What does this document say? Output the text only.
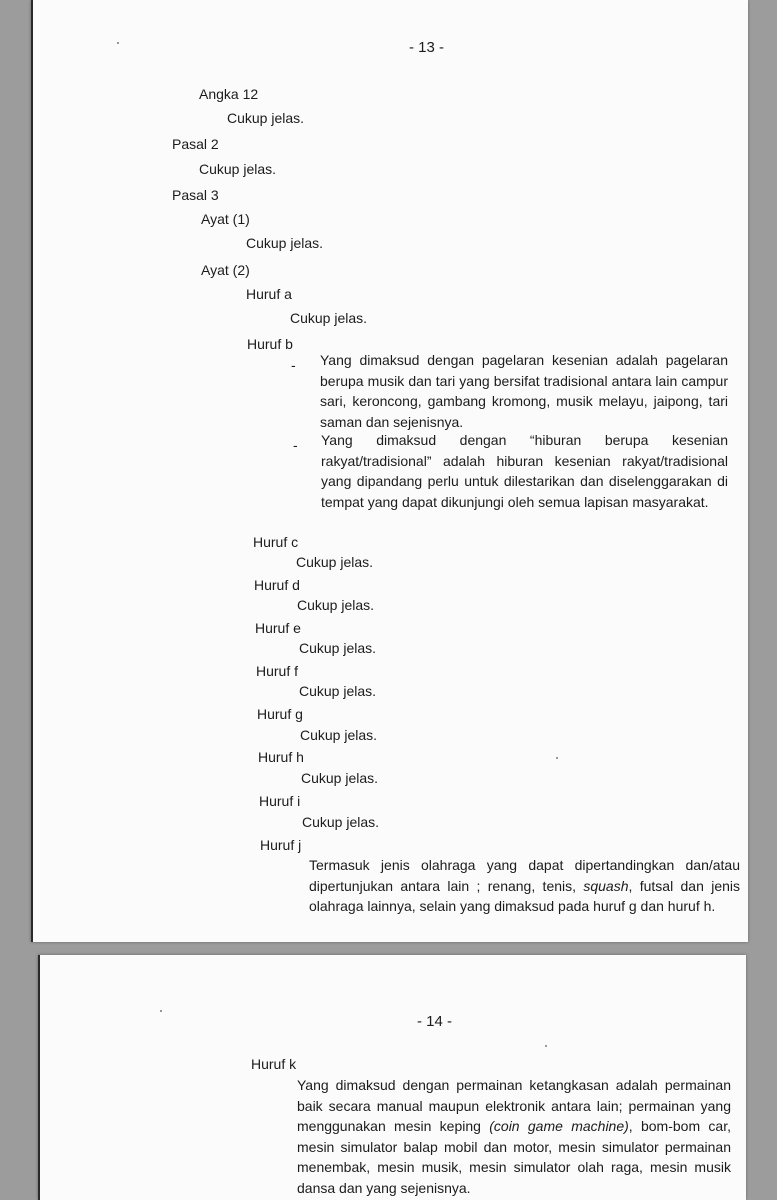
- 13 -
Angka 12
Cukup jelas.
Pasal 2
Cukup jelas.
Pasal 3
Ayat (1)
Cukup jelas.
Ayat (2)
Huruf a
Cukup jelas.
Huruf b
- Yang dimaksud dengan pagelaran kesenian adalah pagelaran berupa musik dan tari yang bersifat tradisional antara lain campur sari, keroncong, gambang kromong, musik melayu, jaipong, tari saman dan sejenisnya.
- Yang dimaksud dengan “hiburan berupa kesenian rakyat/tradisional” adalah hiburan kesenian rakyat/tradisional yang dipandang perlu untuk dilestarikan dan diselenggarakan di tempat yang dapat dikunjungi oleh semua lapisan masyarakat.
Huruf c
Cukup jelas.
Huruf d
Cukup jelas.
Huruf e
Cukup jelas.
Huruf f
Cukup jelas.
Huruf g
Cukup jelas.
Huruf h
Cukup jelas.
Huruf i
Cukup jelas.
Huruf j
Termasuk jenis olahraga yang dapat dipertandingkan dan/atau dipertunjukan antara lain ; renang, tenis, squash, futsal dan jenis olahraga lainnya, selain yang dimaksud pada huruf g dan huruf h.
- 14 -
Huruf k
Yang dimaksud dengan permainan ketangkasan adalah permainan baik secara manual maupun elektronik antara lain; permainan yang menggunakan mesin keping (coin game machine), bom-bom car, mesin simulator balap mobil dan motor, mesin simulator permainan menembak, mesin musik, mesin simulator olah raga, mesin musik dansa dan yang sejenisnya.
